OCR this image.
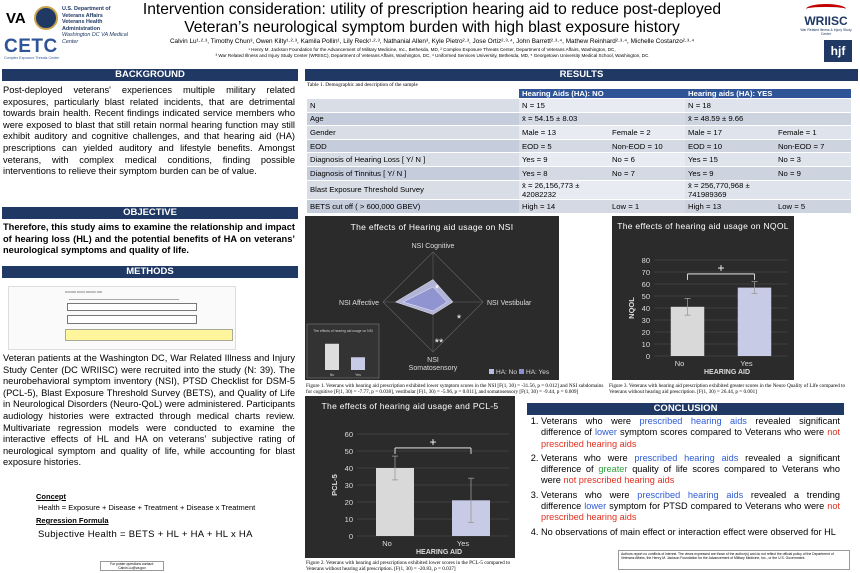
VA
U.S. Department of Veterans Affairs
Veterans Health Administration
Washington DC VA Medical Center
CETC
Complex Exposure Threats Center
Intervention consideration: utility of prescription hearing aid to reduce post-deployed
Veteran’s neurological symptom burden with high blast exposure history
Calvin Lu¹·²·³, Timothy Chun³, Owen Kilty¹·²·³, Kamila Pollin¹, Lily Reck¹·²·³, Nathanial Allen³, Kyle Pietro²·³, Jose Ortiz²·³·⁴, John Barrett²·³·⁴, Mathew Reinhard²·³·⁴, Michelle Costanzo²·³·⁴
¹ Henry M. Jackson Foundation for the Advancement of Military Medicine, Inc., Bethesda, MD, ² Complex Exposure Threats Center, Department of Veterans Affairs, Washington, DC,
³ War Related Illness and Injury Study Center (WRIISC), Department of Veterans Affairs, Washington, DC, ⁴ Uniformed Services University, Bethesda, MD, ⁵ Georgetown University Medical School, Washington, DC
WRIISC
War Related Illness & Injury Study Center
hjf
BACKGROUND
Post-deployed veterans' experiences multiple military related exposures, particularly blast related incidents, that are detrimental towards brain health. Recent findings indicated service members who were exposed to blast that still retain normal hearing function may still exhibit auditory and cognitive challenges, and that hearing aid (HA) prescriptions can yielded auditory and lifestyle benefits. Amongst veterans, with complex medical conditions, finding possible interventions to relieve their symptom burden can be of value.
OBJECTIVE
Therefore, this study aims to examine the relationship and impact of hearing loss (HL) and the potential benefits of HA on veterans’ neurological symptoms and quality of life.
METHODS
•••••••••• ••••••• ••••••••• •••••
Veteran patients at the Washington DC, War Related Illness and Injury Study Center (DC WRIISC) were recruited into the study (N: 39). The neurobehavioral symptom inventory (NSI), PTSD Checklist for DSM-5 (PCL-5), Blast Exposure Threshold Survey (BETS), and Quality of Life in Neurological Disorders (Neuro-QoL) were administered. Participants audiology histories were extracted through medical charts review. Multivariate regression models were conducted to examine the interactive effects of HL and HA on veterans’ subjective rating of neurological symptom and quality of life, while accounting for blast exposure histories.
Concept
Health = Exposure + Disease + Treatment + Disease x Treatment
Regression Formula
Subjective Health = BETS + HL + HA + HL x HA
For poster questions contact: Calvin.Lu@va.gov
RESULTS
Table 1. Demographic and description of the sample
	Hearing Aids (HA): NO	Hearing aids (HA): YES
N	N = 15	N = 18

Age	x̄ = 54.15 ± 8.03	x̄ = 48.59 ± 9.66

Gender	Male = 13 Female = 2	Male = 17 Female = 1

EOD	EOD = 5 Non-EOD = 10	EOD = 10 Non-EOD = 7

Diagnosis of Hearing Loss [ Y/ N ]	Yes = 9 No = 6	Yes = 15 No = 3

Diagnosis of Tinnitus [ Y/ N ]	Yes = 8 No = 7	Yes = 9 No = 9

Blast Exposure Threshold Survey	x̄ = 26,156,773 ± 42082232	x̄ = 256,770,968 ± 741989369

BETS cut off ( > 600,000 GBEV)	High = 14 Low = 1	High = 13 Low = 5
The effects of Hearing aid usage on NSI
NSI Cognitive
NSI Vestibular
NSI
Somatosensory
NSI Affective
*
*
**
HA: No HA: Yes
The effects of hearing aid usage on NSI
No	Yes
Figure 1. Veterans with hearing aid prescription exhibited lower symptom scores in the NSI [F(1, 30) = -31.56, p = 0.012] and NSI subdomains for cognitive [F(1, 30) = -7.77, p = 0.038], vestibular [F(1, 30) = -5.96, p = 0.011], and somatosensory [F(1, 30) = -9.44, p = 0.009]
The effects of hearing aid usage on NQOL
0
10
20
30
40
50
60
70
80
No	Yes
+
HEARING AID
NQOL
Figure 3. Veterans with hearing aid prescription exhibited greater scores in the Neuro Quality of Life compared to Veterans without hearing aid prescription. [F(1, 30) = 26.44, p = 0.001]
The effects of hearing aid usage and PCL-5
0
10
20
30
40
50
60
No	Yes
+
HEARING AID
PCL-5
Figure 2. Veterans with hearing aid prescriptions exhibited lower scores in the PCL-5 compared to Veterans without hearing aid prescription. [F(1, 30) = -20.83, p = 0.037]
CONCLUSION
1. Veterans who were prescribed hearing aids revealed significant difference of lower symptom scores compared to Veterans who were not prescribed hearing aids
2. Veterans who were prescribed hearing aids revealed a significant difference of greater quality of life scores compared to Veterans who were not prescribed hearing aids
3. Veterans who were prescribed hearing aids revealed a trending difference lower symptom for PTSD compared to Veterans who were not prescribed hearing aids
4. No observations of main effect or interaction effect were observed for HL
Authors report no conflicts of interest. The views expressed are those of the author(s) and do not reflect the official policy of the Department of Veterans Affairs, the Henry M. Jackson Foundation for the Advancement of Military Medicine, Inc., or the U.S. Government.
